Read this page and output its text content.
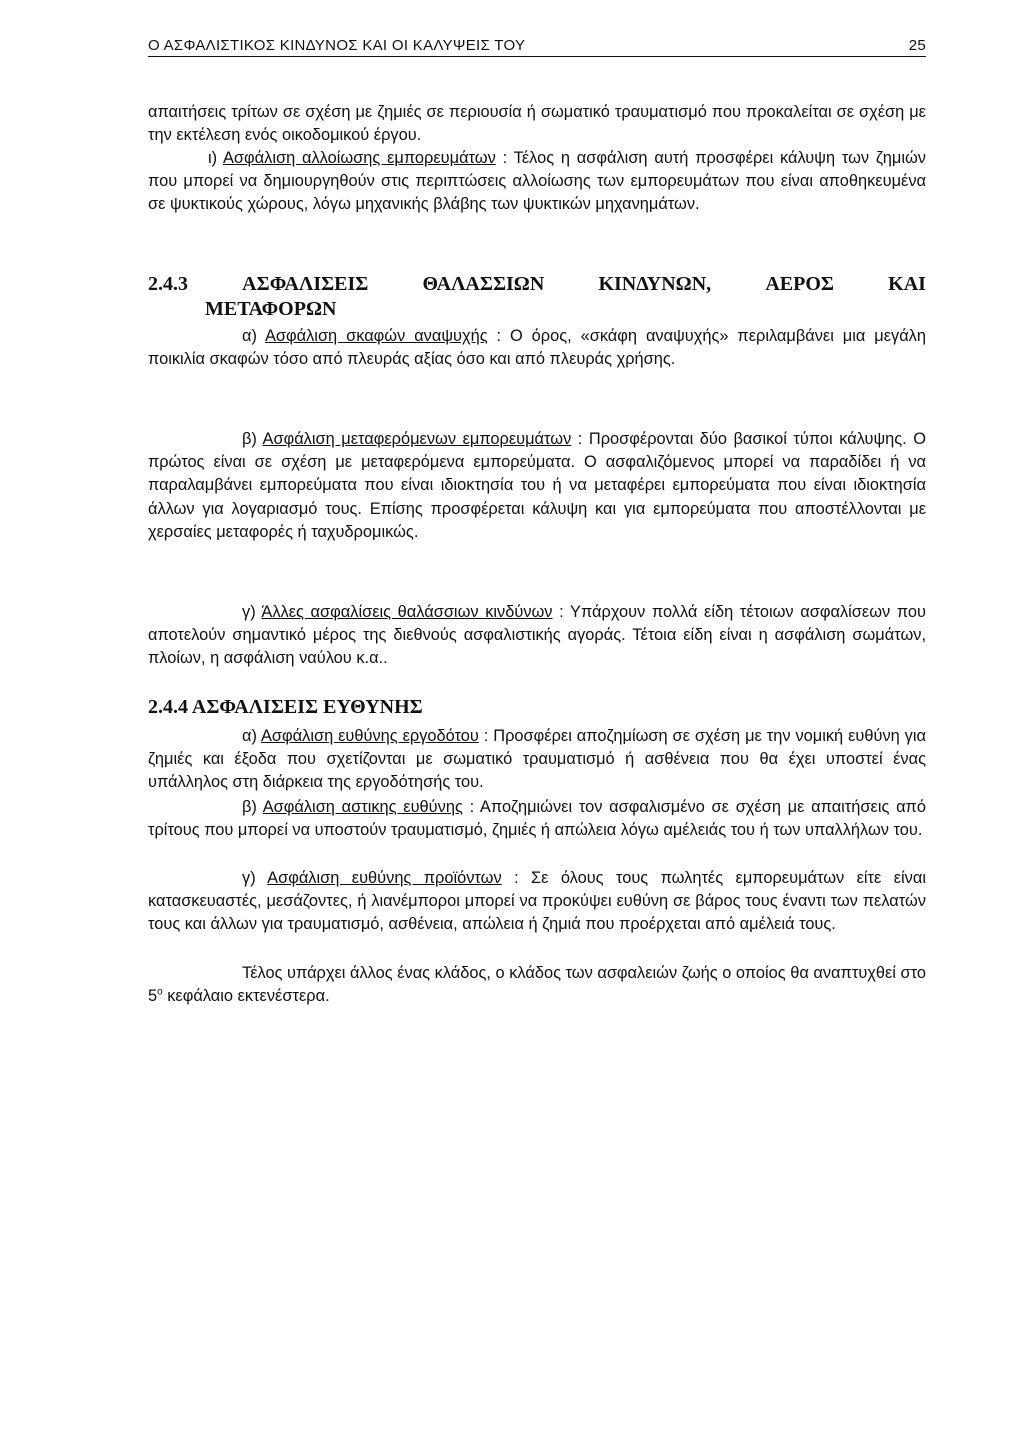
Ο ΑΣΦΑΛΙΣΤΙΚΟΣ ΚΙΝΔΥΝΟΣ ΚΑΙ ΟΙ ΚΑΛΥΨΕΙΣ ΤΟΥ	25

απαιτήσεις τρίτων σε σχέση με ζημιές σε περιουσία ή σωματικό τραυματισμό που προκαλείται σε σχέση με την εκτέλεση ενός οικοδομικού έργου.

ι) Ασφάλιση αλλοίωσης εμπορευμάτων : Τέλος η ασφάλιση αυτή προσφέρει κάλυψη των ζημιών που μπορεί να δημιουργηθούν στις περιπτώσεις αλλοίωσης των εμπορευμάτων που είναι αποθηκευμένα σε ψυκτικούς χώρους, λόγω μηχανικής βλάβης των ψυκτικών μηχανημάτων.

2.4.3	ΑΣΦΑΛΙΣΕΙΣ	ΘΑΛΑΣΣΙΩΝ	ΚΙΝΔΥΝΩΝ,	ΑΕΡΟΣ	ΚΑΙ
ΜΕΤΑΦΟΡΩΝ

α) Ασφάλιση σκαφών αναψυχής : Ο όρος, «σκάφη αναψυχής» περιλαμβάνει μια μεγάλη ποικιλία σκαφών τόσο από πλευράς αξίας όσο και από πλευράς χρήσης.

β) Ασφάλιση μεταφερόμενων εμπορευμάτων : Προσφέρονται δύο βασικοί τύποι κάλυψης. Ο πρώτος είναι σε σχέση με μεταφερόμενα εμπορεύματα. Ο ασφαλιζόμενος μπορεί να παραδίδει ή να παραλαμβάνει εμπορεύματα που είναι ιδιοκτησία του ή να μεταφέρει εμπορεύματα που είναι ιδιοκτησία άλλων για λογαριασμό τους. Επίσης προσφέρεται κάλυψη και για εμπορεύματα που αποστέλλονται με χερσαίες μεταφορές ή ταχυδρομικώς.

γ) Άλλες ασφαλίσεις θαλάσσιων κινδύνων : Υπάρχουν πολλά είδη τέτοιων ασφαλίσεων που αποτελούν σημαντικό μέρος της διεθνούς ασφαλιστικής αγοράς. Τέτοια είδη είναι η ασφάλιση σωμάτων, πλοίων, η ασφάλιση ναύλου κ.α..

2.4.4 ΑΣΦΑΛΙΣΕΙΣ ΕΥΘΥΝΗΣ

α) Ασφάλιση ευθύνης εργοδότου : Προσφέρει αποζημίωση σε σχέση με την νομική ευθύνη για ζημιές και έξοδα που σχετίζονται με σωματικό τραυματισμό ή ασθένεια που θα έχει υποστεί ένας υπάλληλος στη διάρκεια της εργοδότησής του.

β) Ασφάλιση αστικης ευθύνης : Αποζημιώνει τον ασφαλισμένο σε σχέση με απαιτήσεις από τρίτους που μπορεί να υποστούν τραυματισμό, ζημιές ή απώλεια λόγω αμέλειάς του ή των υπαλλήλων του.

γ) Ασφάλιση ευθύνης προϊόντων : Σε όλους τους πωλητές εμπορευμάτων είτε είναι κατασκευαστές, μεσάζοντες, ή λιανέμποροι μπορεί να προκύψει ευθύνη σε βάρος τους έναντι των πελατών τους και άλλων για τραυματισμό, ασθένεια, απώλεια ή ζημιά που προέρχεται από αμέλειά τους.

Τέλος υπάρχει άλλος ένας κλάδος, ο κλάδος των ασφαλειών ζωής ο οποίος θα αναπτυχθεί στο $5^o$ κεφάλαιο εκτενέστερα.
